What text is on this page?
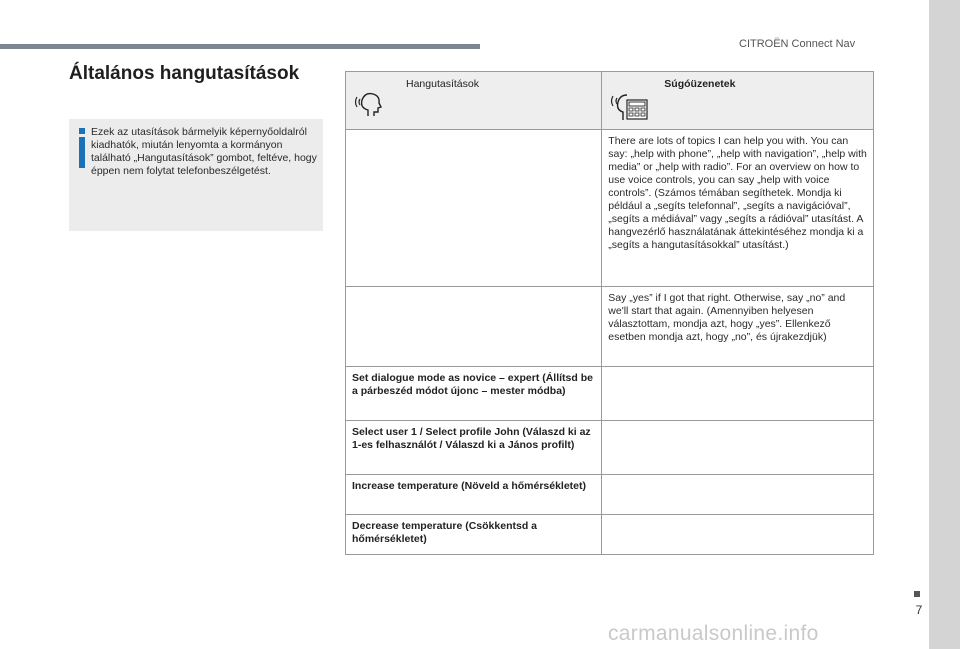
CITROËN Connect Nav
Általános hangutasítások
Ezek az utasítások bármelyik képernyőoldalról kiadhatók, miután lenyomta a kormányon található „Hangutasítások” gombot, feltéve, hogy éppen nem folytat telefonbeszélgetést.
Hangutasítások	Súgóüzenetek

	There are lots of topics I can help you with. You can say: „help with phone”, „help with navigation”, „help with media” or „help with radio”. For an overview on how to use voice controls, you can say „help with voice controls”. (Számos témában segíthetek. Mondja ki például a „segíts telefonnal”, „segíts a navigációval”, „segíts a médiával” vagy „segíts a rádióval” utasítást. A hangvezérlő használatának áttekintéséhez mondja ki a „segíts a hangutasításokkal” utasítást.)
	Say „yes” if I got that right. Otherwise, say „no” and we'll start that again. (Amennyiben helyesen választottam, mondja azt, hogy „yes”. Ellenkező esetben mondja azt, hogy „no”, és újrakezdjük)
Set dialogue mode as novice – expert (Állítsd be a párbeszéd módot újonc – mester módba)	
Select user 1 / Select profile John (Válaszd ki az 1-es felhasználót / Válaszd ki a János profilt)	
Increase temperature (Növeld a hőmérsékletet)	
Decrease temperature (Csökkentsd a hőmérsékletet)	
7
carmanualsonline.info
